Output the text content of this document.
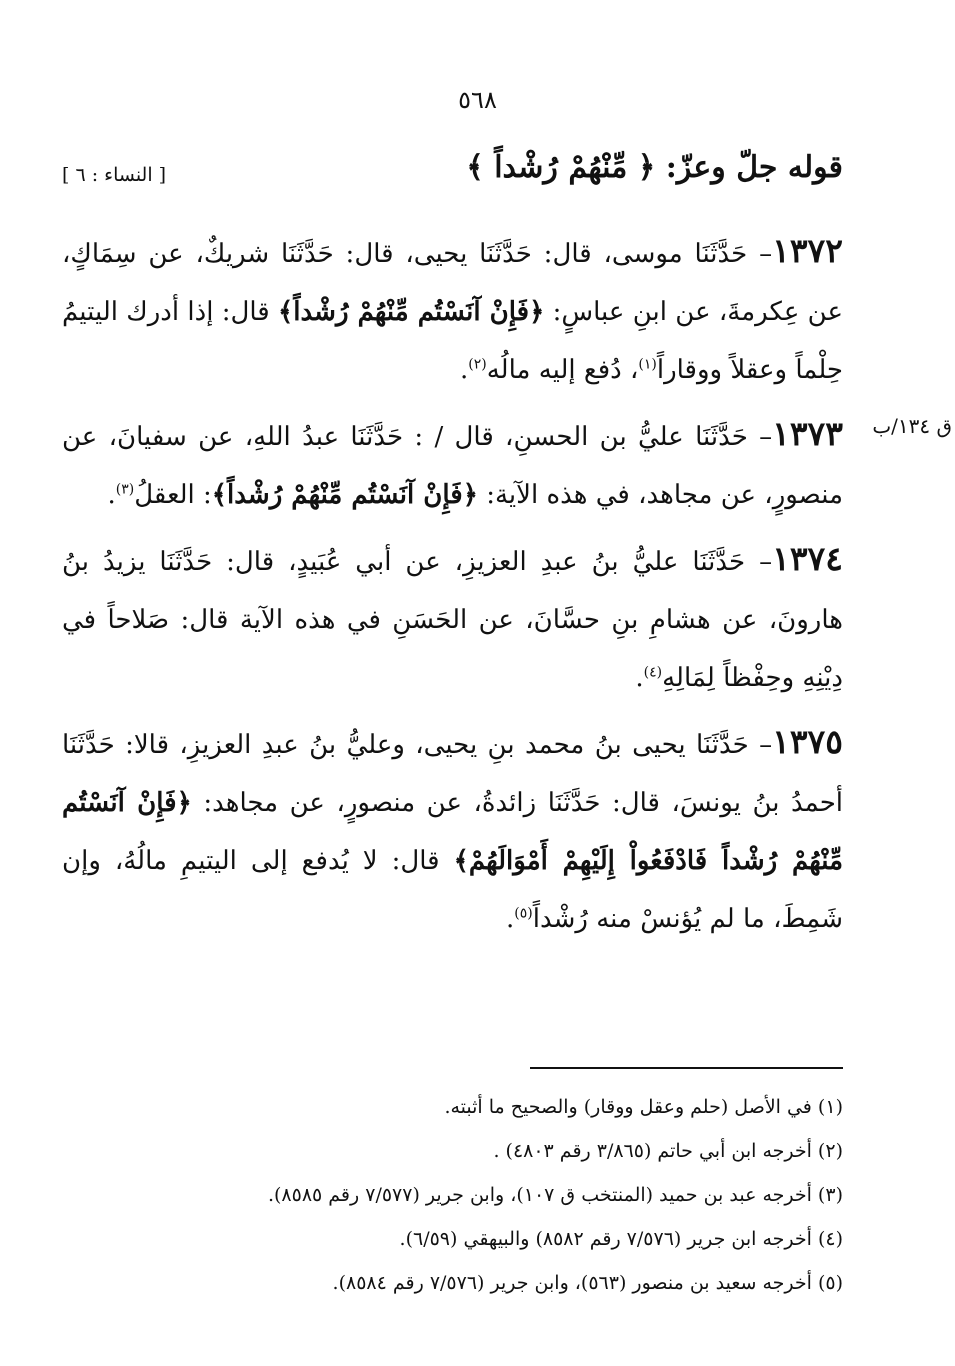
٥٦٨
قوله جلّ وعزّ: ﴿ مِّنْهُمْ رُشْداً ﴾
[ النساء : ٦ ]
ق ١٣٤/ب

١٣٧٢– حَدَّثَنَا موسى، قال: حَدَّثَنَا يحيى، قال: حَدَّثَنَا شريكٌ، عن سِمَاكٍ، عن عِكرمةَ، عن ابنِ عباسٍ: ﴿فَإِنْ آنَسْتُم مِّنْهُمْ رُشْداً﴾ قال: إذا أدرك اليتيمُ حِلْماً وعقلاً ووقاراً$^{(١)}$، دُفع إليه مالُه$^{(٢)}$.

١٣٧٣– حَدَّثَنَا عليُّ بن الحسنِ، قال / : حَدَّثَنَا عبدُ اللهِ، عن سفيانَ، عن منصورٍ، عن مجاهد، في هذه الآية: ﴿فَإِنْ آنَسْتُم مِّنْهُمْ رُشْداً﴾: العقلُ$^{(٣)}$.

١٣٧٤– حَدَّثَنَا عليُّ بنُ عبدِ العزيزِ، عن أبي عُبَيدٍ، قال: حَدَّثَنَا يزيدُ بنُ هارونَ، عن هشامِ بنِ حسَّانَ، عن الحَسَنِ في هذه الآية قال: صَلاحاً في دِيْنِهِ وحِفْظاً لِمَالِهِ$^{(٤)}$.

١٣٧٥– حَدَّثَنَا يحيى بنُ محمد بنِ يحيى، وعليُّ بنُ عبدِ العزيزِ، قالا: حَدَّثَنَا أحمدُ بنُ يونسَ، قال: حَدَّثَنَا زائدةُ، عن منصورٍ، عن مجاهد: ﴿فَإِنْ آنَسْتُم مِّنْهُمْ رُشْداً فَادْفَعُواْ إِلَيْهِمْ أَمْوَالَهُمْ﴾ قال: لا يُدفع إلى اليتيمِ مالُهُ، وإن شَمِطَ، ما لم يُؤنسْ منه رُشْداً$^{(٥)}$.

(١) في الأصل (حلم وعقل ووقار) والصحيح ما أثبته.
(٢) أخرجه ابن أبي حاتم (٣/٨٦٥ رقم ٤٨٠٣) .
(٣) أخرجه عبد بن حميد (المنتخب ق ١٠٧)، وابن جرير (٧/٥٧٧ رقم ٨٥٨٥).
(٤) أخرجه ابن جرير (٧/٥٧٦ رقم ٨٥٨٢) والبيهقي (٦/٥٩).
(٥) أخرجه سعيد بن منصور (٥٦٣)، وابن جرير (٧/٥٧٦ رقم ٨٥٨٤).
